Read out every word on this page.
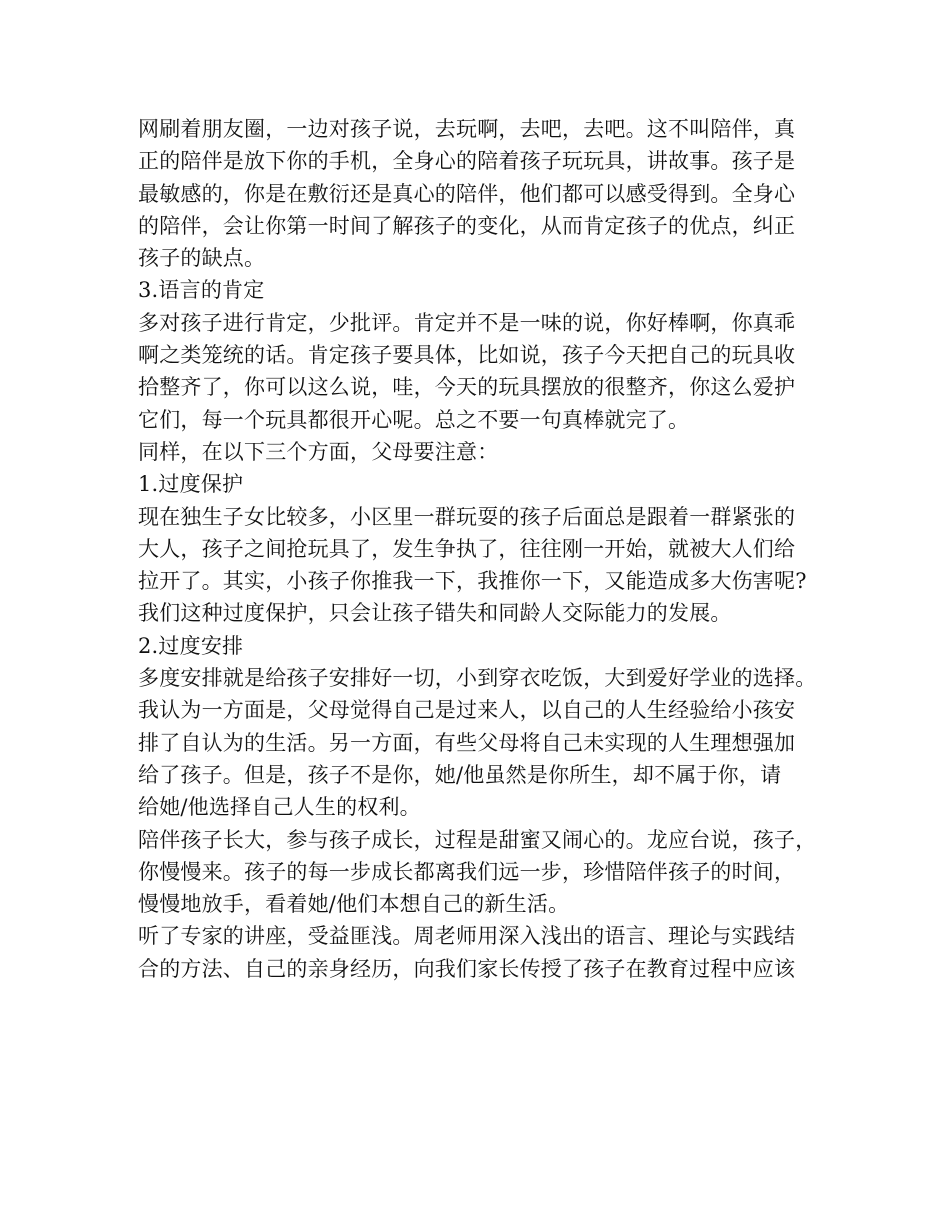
网刷着朋友圈，一边对孩子说，去玩啊，去吧，去吧。这不叫陪伴，真
正的陪伴是放下你的手机，全身心的陪着孩子玩玩具，讲故事。孩子是
最敏感的，你是在敷衍还是真心的陪伴，他们都可以感受得到。全身心
的陪伴，会让你第一时间了解孩子的变化，从而肯定孩子的优点，纠正
孩子的缺点。
3.语言的肯定
多对孩子进行肯定，少批评。肯定并不是一味的说，你好棒啊，你真乖
啊之类笼统的话。肯定孩子要具体，比如说，孩子今天把自己的玩具收
拾整齐了，你可以这么说，哇，今天的玩具摆放的很整齐，你这么爱护
它们，每一个玩具都很开心呢。总之不要一句真棒就完了。
同样，在以下三个方面，父母要注意：
1.过度保护
现在独生子女比较多，小区里一群玩耍的孩子后面总是跟着一群紧张的
大人，孩子之间抢玩具了，发生争执了，往往刚一开始，就被大人们给
拉开了。其实，小孩子你推我一下，我推你一下，又能造成多大伤害呢?
我们这种过度保护，只会让孩子错失和同龄人交际能力的发展。
2.过度安排
多度安排就是给孩子安排好一切，小到穿衣吃饭，大到爱好学业的选择。
我认为一方面是，父母觉得自己是过来人，以自己的人生经验给小孩安
排了自认为的生活。另一方面，有些父母将自己未实现的人生理想强加
给了孩子。但是，孩子不是你，她/他虽然是你所生，却不属于你，请
给她/他选择自己人生的权利。
陪伴孩子长大，参与孩子成长，过程是甜蜜又闹心的。龙应台说，孩子，
你慢慢来。孩子的每一步成长都离我们远一步，珍惜陪伴孩子的时间，
慢慢地放手，看着她/他们本想自己的新生活。
听了专家的讲座，受益匪浅。周老师用深入浅出的语言、理论与实践结
合的方法、自己的亲身经历，向我们家长传授了孩子在教育过程中应该
